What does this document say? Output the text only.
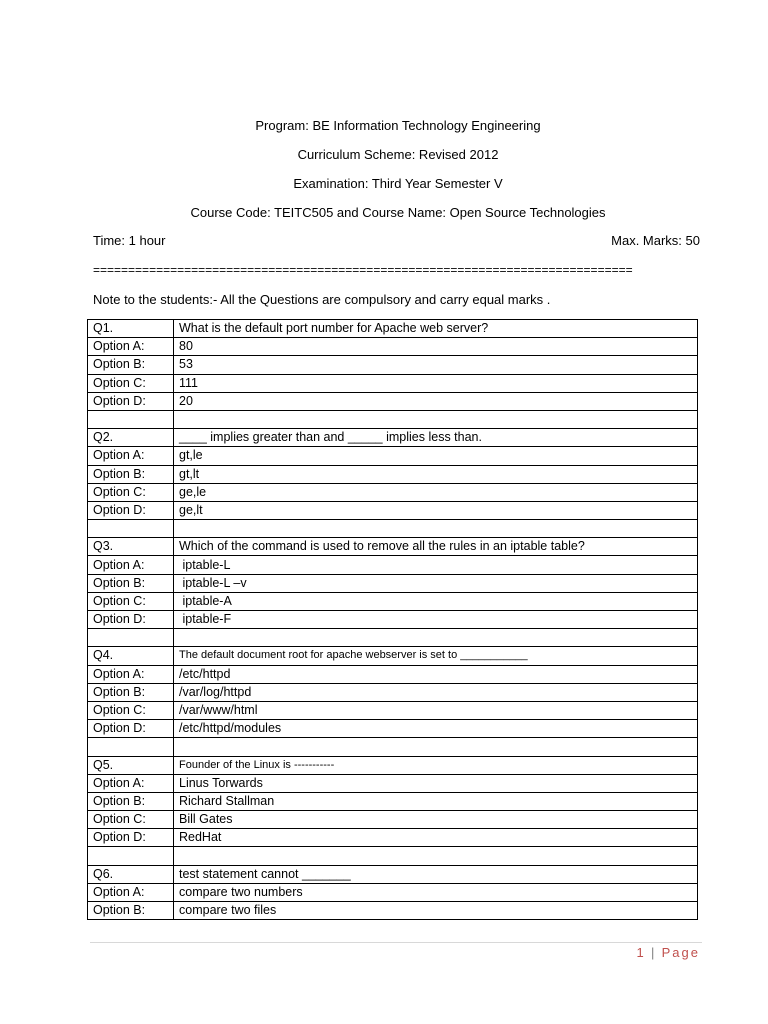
Program: BE Information Technology Engineering
Curriculum Scheme: Revised 2012
Examination: Third Year Semester V
Course Code: TEITC505 and Course Name: Open Source Technologies
Time: 1 hour	Max. Marks: 50
=============================================================================
Note to the students:- All the Questions are compulsory and carry equal marks .
Q1.	What is the default port number for Apache web server?
Option A:	80
Option B:	53
Option C:	111
Option D:	20

Q2.	____ implies greater than and _____ implies less than.
Option A:	gt,le
Option B:	gt,lt
Option C:	ge,le
Option D:	ge,lt

Q3.	Which of the command is used to remove all the rules in an iptable table?
Option A:	iptable-L
Option B:	iptable-L –v
Option C:	iptable-A
Option D:	iptable-F

Q4.	The default document root for apache webserver is set to ___________
Option A:	/etc/httpd
Option B:	/var/log/httpd
Option C:	/var/www/html
Option D:	/etc/httpd/modules

Q5.	Founder of the Linux is -----------
Option A:	Linus Torwards
Option B:	Richard Stallman
Option C:	Bill Gates
Option D:	RedHat

Q6.	test statement cannot _______
Option A:	compare two numbers
Option B:	compare two files
1  |  Page
